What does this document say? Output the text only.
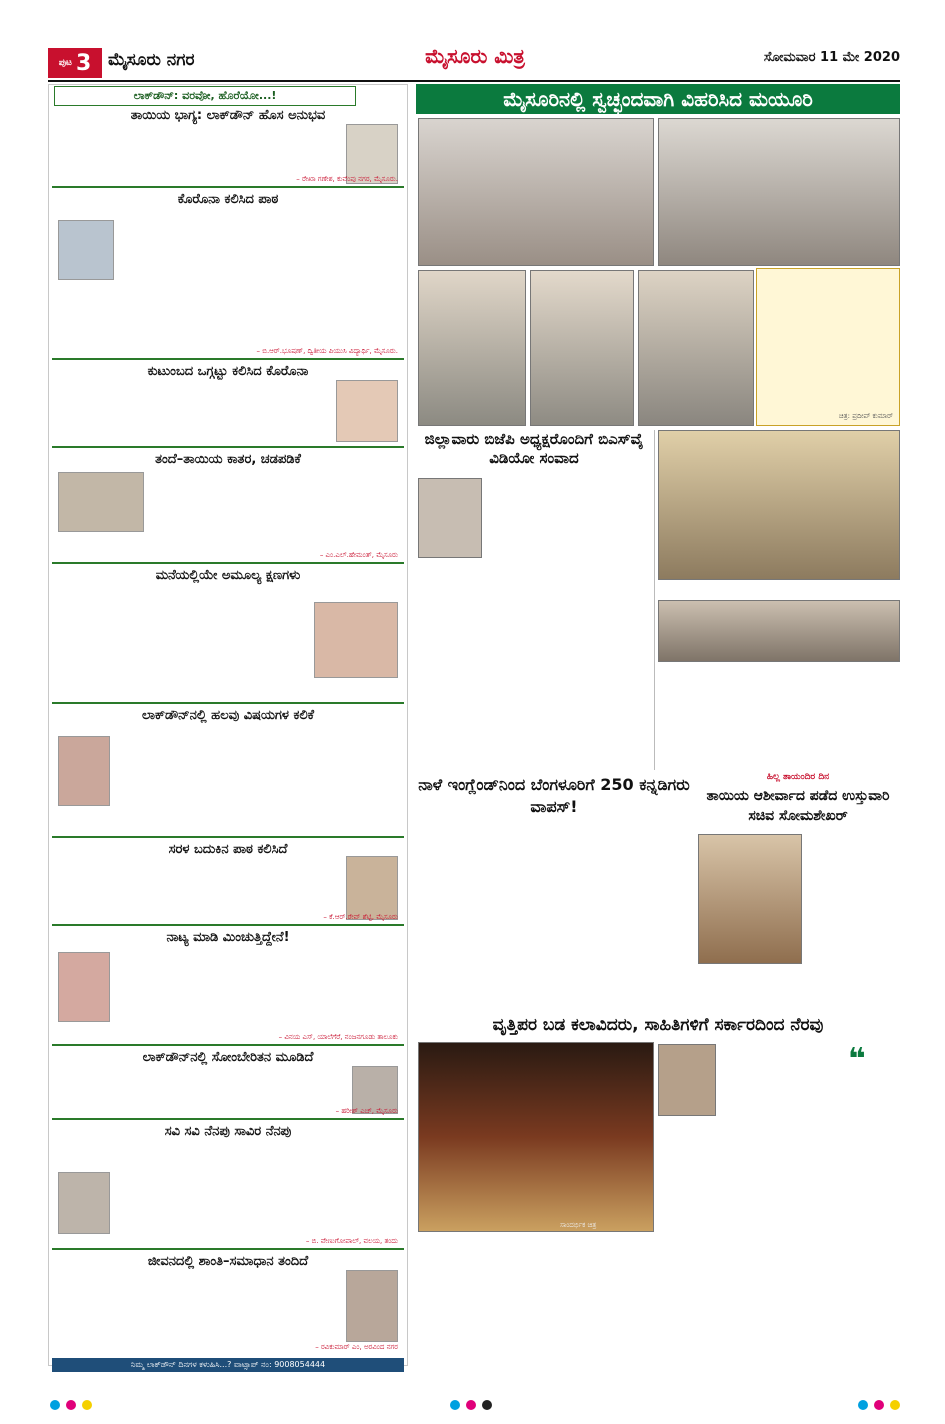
ಪುಟ 3 ಮೈಸೂರು ನಗರ	ಮೈಸೂರು ಮಿತ್ರ	ಸೋಮವಾರ 11 ಮೇ 2020
ಲಾಕ್‌ಡೌನ್: ವರವೋ, ಹೊರೆಯೋ...!
ತಾಯಿಯ ಭಾಗ್ಯ: ಲಾಕ್‌ಡೌನ್ ಹೊಸ ಅನುಭವ
– ರೇಖಾ ಗಣೇಶ, ಕುವೆಂಪು ನಗರ, ಮೈಸೂರು.
ಕೊರೊನಾ ಕಲಿಸಿದ ಪಾಠ
– ಬಿ.ಆರ್.ಭೂಷಣ್, ದ್ವಿತೀಯ ಪಿಯುಸಿ ವಿದ್ಯಾರ್ಥಿ, ಮೈಸೂರು.
ಕುಟುಂಬದ ಒಗ್ಗಟ್ಟು ಕಲಿಸಿದ ಕೊರೊನಾ
ತಂದೆ–ತಾಯಿಯ ಕಾತರ, ಚಡಪಡಿಕೆ
– ಎಂ.ಎಲ್.ಹೇಮಂತ್, ಮೈಸೂರು
ಮನೆಯಲ್ಲಿಯೇ ಅಮೂಲ್ಯ ಕ್ಷಣಗಳು
ಲಾಕ್‌ಡೌನ್‌ನಲ್ಲಿ ಹಲವು ವಿಷಯಗಳ ಕಲಿಕೆ
ಸರಳ ಬದುಕಿನ ಪಾಠ ಕಲಿಸಿದೆ
– ಕೆ.ಆರ್.ರೇವ್ ಶೆಟ್ಟಿ, ಮೈಸೂರು
ನಾಟ್ಯ ಮಾಡಿ ಮಿಂಚುತ್ತಿದ್ದೇನೆ!
– ವಿನಯ ಎಸ್, ಯಾಲೆಗೆರೆ, ನಂಜನಗೂಡು ತಾಲೂಕು
ಲಾಕ್‌ಡೌನ್‌ನಲ್ಲಿ ಸೋಂಬೇರಿತನ ಮೂಡಿದೆ
– ಹರೀಶ್ ಎಚ್, ಮೈಸೂರು
ಸವಿ ಸವಿ ನೆನಪು ಸಾವಿರ ನೆನಪು
– ಬಿ. ವೇಣುಗೋಪಾಲ್, ವಲಯ, ತಂದು
ಜೀವನದಲ್ಲಿ ಶಾಂತಿ–ಸಮಾಧಾನ ತಂದಿದೆ
– ರವಿಕುಮಾರ್ ಎಂ, ಅರವಿಂದ ನಗರ
ನಿಮ್ಮ ಲಾಕ್‌ಡೌನ್ ದಿನಗಳ ಕಳುಹಿಸಿ...? ವಾಟ್ಸಾಪ್ ನಂ: 9008054444
ಮೈಸೂರಿನಲ್ಲಿ ಸ್ವಚ್ಛಂದವಾಗಿ ವಿಹರಿಸಿದ ಮಯೂರಿ
ಚಿತ್ರ: ಪ್ರದೀಪ್ ಕುಮಾರ್
ಜಿಲ್ಲಾವಾರು ಬಿಜೆಪಿ ಅಧ್ಯಕ್ಷರೊಂದಿಗೆ ಬಿಎಸ್‌ವೈ ವಿಡಿಯೋ ಸಂವಾದ
ನಾಳೆ ಇಂಗ್ಲೆಂಡ್‌ನಿಂದ ಬೆಂಗಳೂರಿಗೆ 250 ಕನ್ನಡಿಗರು ವಾಪಸ್!
ಹಿಲ್ಲ ತಾಯಂದಿರ ದಿನ
ತಾಯಿಯ ಆಶೀರ್ವಾದ ಪಡೆದ ಉಸ್ತುವಾರಿ ಸಚಿವ ಸೋಮಶೇಖರ್
ವೃತ್ತಿಪರ ಬಡ ಕಲಾವಿದರು, ಸಾಹಿತಿಗಳಿಗೆ ಸರ್ಕಾರದಿಂದ ನೆರವು
ಸಾಂದರ್ಭಿಕ ಚಿತ್ರ
❝
